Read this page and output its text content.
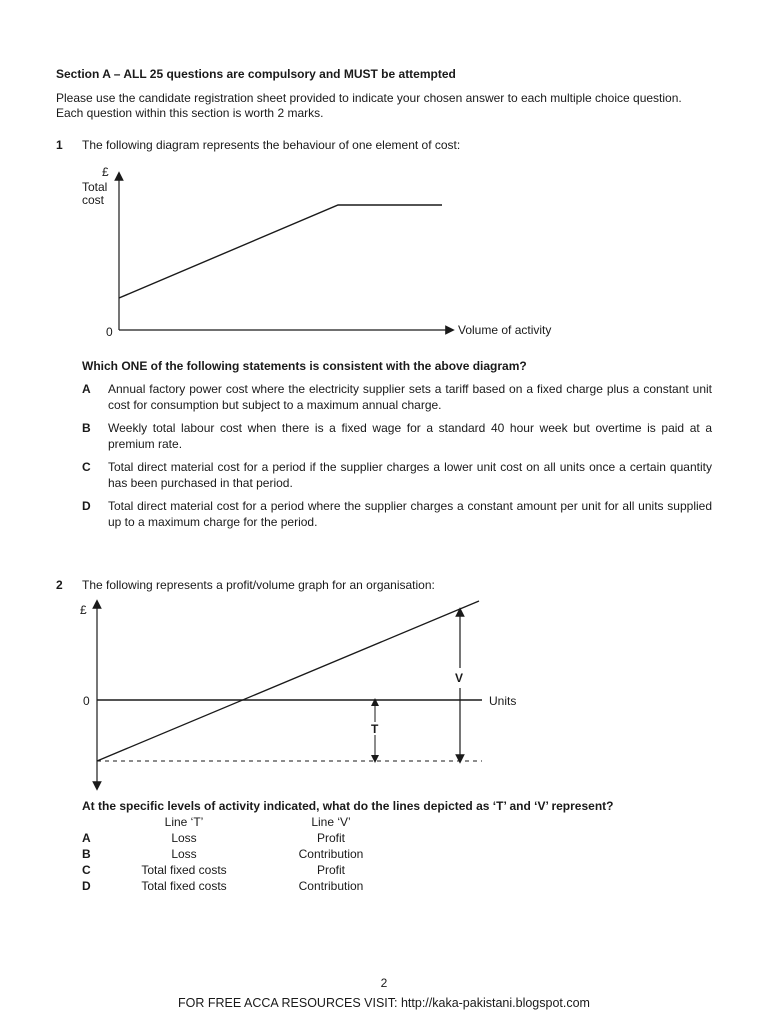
Section A – ALL 25 questions are compulsory and MUST be attempted
Please use the candidate registration sheet provided to indicate your chosen answer to each multiple choice question.
Each question within this section is worth 2 marks.
1 The following diagram represents the behaviour of one element of cost:
£
Total
cost
0	Volume of activity
Which ONE of the following statements is consistent with the above diagram?
A Annual factory power cost where the electricity supplier sets a tariff based on a fixed charge plus a constant unit
cost for consumption but subject to a maximum annual charge.
B Weekly total labour cost when there is a fixed wage for a standard 40 hour week but overtime is paid at a
premium rate.
C Total direct material cost for a period if the supplier charges a lower unit cost on all units once a certain quantity
has been purchased in that period.
D Total direct material cost for a period where the supplier charges a constant amount per unit for all units supplied
up to a maximum charge for the period.
2 The following represents a profit/volume graph for an organisation:
£
0	Units
T
V
At the specific levels of activity indicated, what do the lines depicted as ‘T’ and ‘V’ represent?
Line ‘T’	Line ‘V’
A	Loss	Profit
B	Loss	Contribution
C	Total fixed costs	Profit
D	Total fixed costs	Contribution
2
FOR FREE ACCA RESOURCES VISIT: http://kaka-pakistani.blogspot.com
